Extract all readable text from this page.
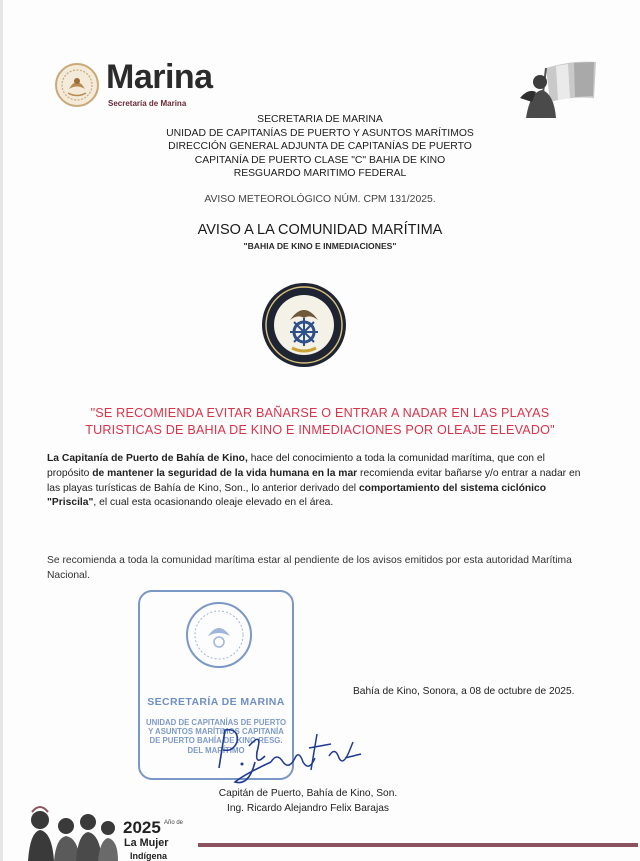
Marina
Secretaría de Marina
SECRETARIA DE MARINA
UNIDAD DE CAPITANÍAS DE PUERTO Y ASUNTOS MARÍTIMOS
DIRECCIÓN GENERAL ADJUNTA DE CAPITANÍAS DE PUERTO
CAPITANÍA DE PUERTO CLASE "C" BAHIA DE KINO
RESGUARDO MARITIMO FEDERAL
AVISO METEOROLÓGICO NÚM. CPM 131/2025.
AVISO A LA COMUNIDAD MARÍTIMA
"BAHIA DE KINO E INMEDIACIONES"
"SE RECOMIENDA EVITAR BAÑARSE O ENTRAR A NADAR EN LAS PLAYAS TURISTICAS DE BAHIA DE KINO E INMEDIACIONES POR OLEAJE ELEVADO"
La Capitanía de Puerto de Bahía de Kino, hace del conocimiento a toda la comunidad marítima, que con el propósito de mantener la seguridad de la vida humana en la mar recomienda evitar bañarse y/o entrar a nadar en las playas turísticas de Bahía de Kino, Son., lo anterior derivado del comportamiento del sistema ciclónico "Priscila", el cual esta ocasionando oleaje elevado en el área.
Se recomienda a toda la comunidad marítima estar al pendiente de los avisos emitidos por esta autoridad Marítima Nacional.
SECRETARÍA DE MARINA
UNIDAD DE CAPITANÍAS DE PUERTO Y ASUNTOS MARÍTIMOS CAPITANÍA DE PUERTO BAHÍA DE KINO RESG. DEL MARÍTIMO
Bahía de Kino, Sonora, a 08 de octubre de 2025.
Capitán de Puerto, Bahía de Kino, Son.
Ing. Ricardo Alejandro Felix Barajas
2025 Año de
La Mujer
Indígena
